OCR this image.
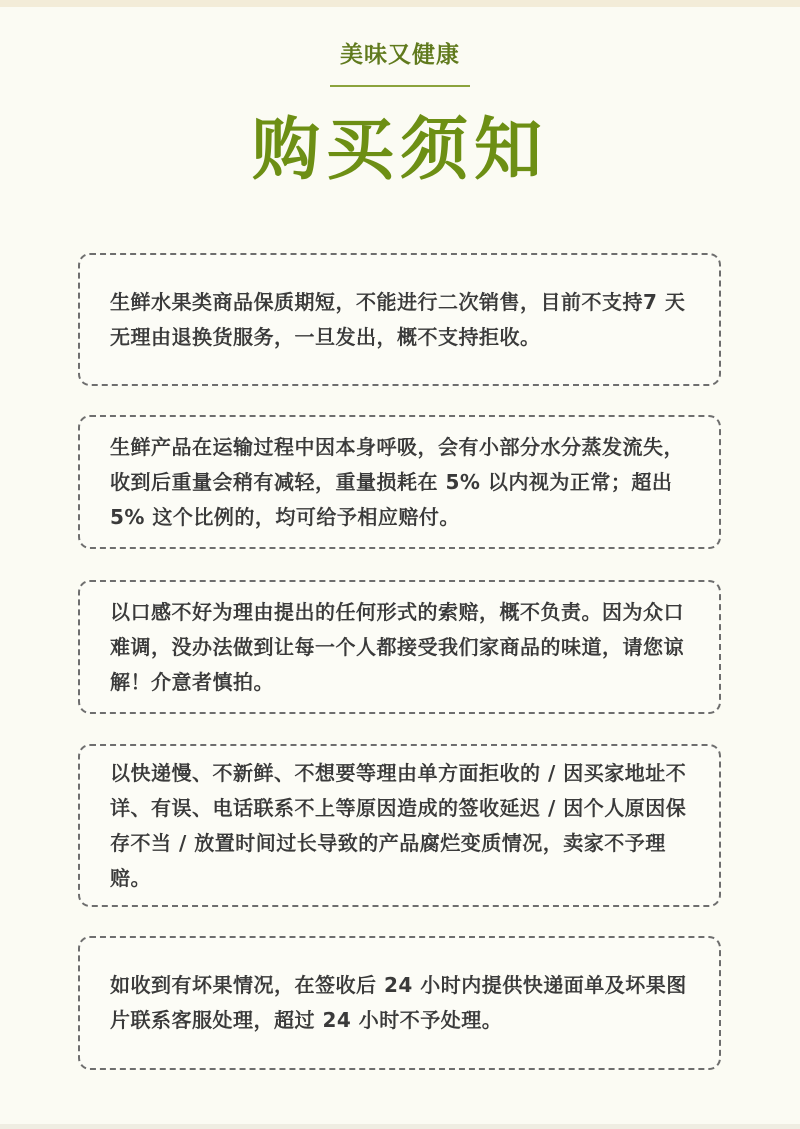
美味又健康
购买须知
生鲜水果类商品保质期短，不能进行二次销售，目前不支持7 天无理由退换货服务，一旦发出，概不支持拒收。
生鲜产品在运输过程中因本身呼吸，会有小部分水分蒸发流失，收到后重量会稍有减轻，重量损耗在 5% 以内视为正常；超出 5% 这个比例的，均可给予相应赔付。
以口感不好为理由提出的任何形式的索赔，概不负责。因为众口难调，没办法做到让每一个人都接受我们家商品的味道，请您谅解！介意者慎拍。
以快递慢、不新鲜、不想要等理由单方面拒收的 / 因买家地址不详、有误、电话联系不上等原因造成的签收延迟 / 因个人原因保存不当 / 放置时间过长导致的产品腐烂变质情况，卖家不予理赔。
如收到有坏果情况，在签收后 24 小时内提供快递面单及坏果图片联系客服处理，超过 24 小时不予处理。
